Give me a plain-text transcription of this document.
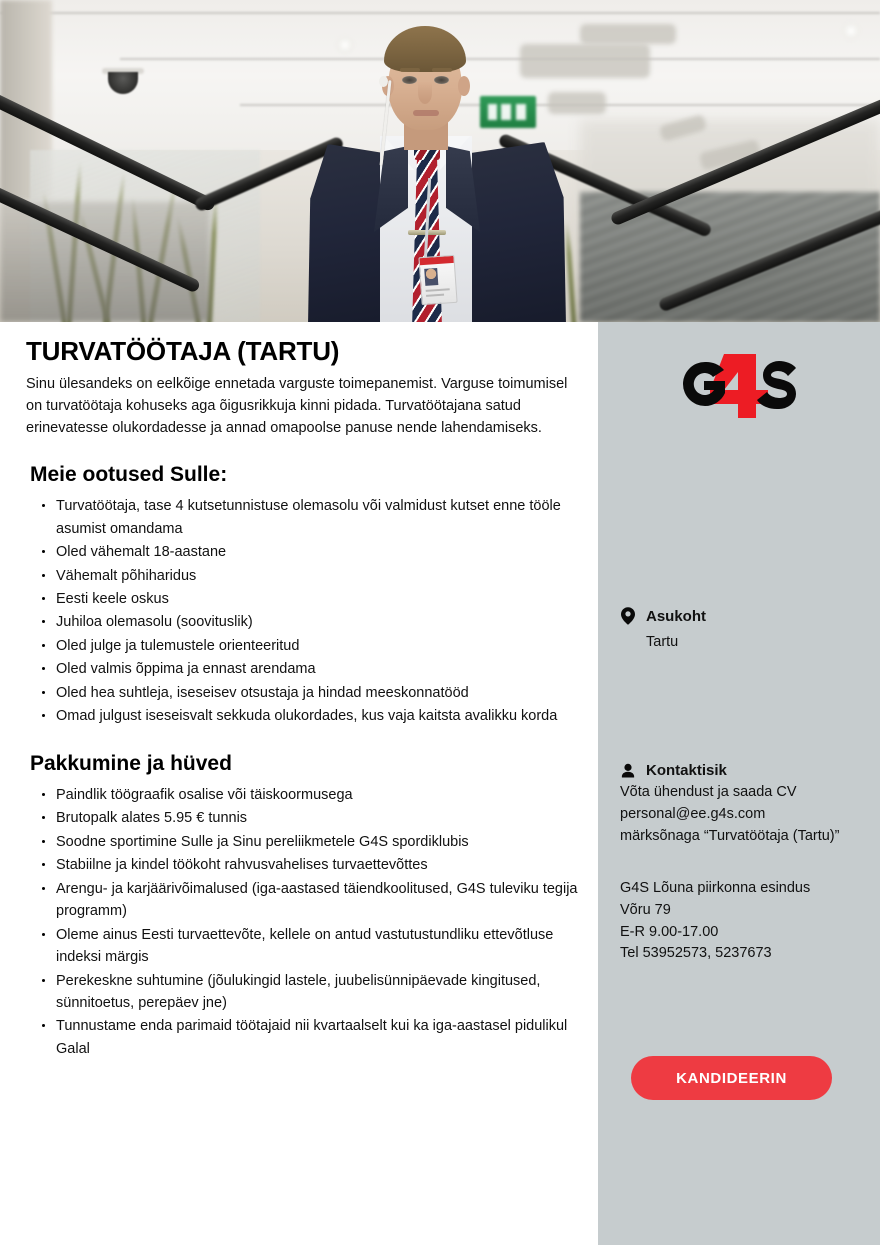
TURVATÖÖTAJA (TARTU)

Sinu ülesandeks on eelkõige ennetada varguste toimepanemist. Varguse toimumisel on turvatöötaja kohuseks aga õigusrikkuja kinni pidada. Turvatöötajana satud erinevatesse olukordadesse ja annad omapoolse panuse nende lahendamiseks.

Meie ootused Sulle:
Turvatöötaja, tase 4 kutsetunnistuse olemasolu või valmidust kutset enne tööle asumist omandama
Oled vähemalt 18-aastane
Vähemalt põhiharidus
Eesti keele oskus
Juhiloa olemasolu (soovituslik)
Oled julge ja tulemustele orienteeritud
Oled valmis õppima ja ennast arendama
Oled hea suhtleja, iseseisev otsustaja ja hindad meeskonnatööd
Omad julgust iseseisvalt sekkuda olukordades, kus vaja kaitsta avalikku korda
Pakkumine ja hüved
Paindlik töögraafik osalise või täiskoormusega
Brutopalk alates 5.95 € tunnis
Soodne sportimine Sulle ja Sinu pereliikmetele G4S spordiklubis
Stabiilne ja kindel töökoht rahvusvahelises turvaettevõttes
Arengu- ja karjäärivõimalused (iga-aastased täiendkoolitused, G4S tuleviku tegija programm)
Oleme ainus Eesti turvaettevõte, kellele on antud vastutustundliku ettevõtluse indeksi märgis
Perekeskne suhtumine (jõulukingid lastele, juubelisünnipäevade kingitused, sünnitoetus, perepäev jne)
Tunnustame enda parimaid töötajaid nii kvartaalselt kui ka iga-aastasel pidulikul Galal
Asukoht
Tartu
Kontaktisik
Võta ühendust ja saada CV
personal@ee.g4s.com
märksõnaga “Turvatöötaja (Tartu)”
G4S Lõuna piirkonna esindus
Võru 79
E-R 9.00-17.00
Tel 53952573, 5237673
KANDIDEERIN
